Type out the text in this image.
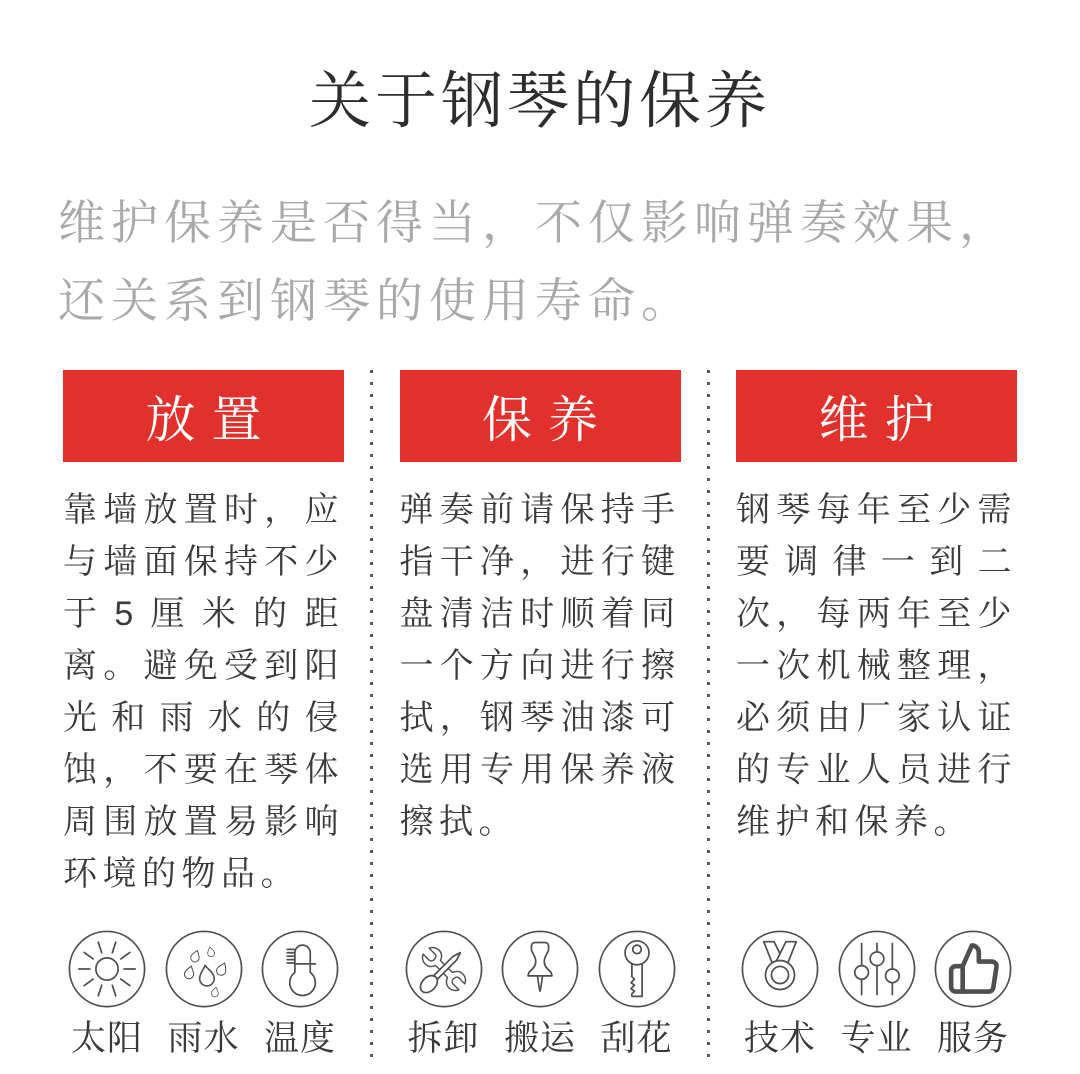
关于钢琴的保养
维护保养是否得当，不仅影响弹奏效果，还关系到钢琴的使用寿命。
放置
靠墙放置时，应与墙面保持不少于5厘米的距离。避免受到阳光和雨水的侵蚀，不要在琴体周围放置易影响环境的物品。
太阳 雨水 温度
保养
弹奏前请保持手指干净，进行键盘清洁时顺着同一个方向进行擦拭，钢琴油漆可选用专用保养液擦拭。
拆卸 搬运 刮花
维护
钢琴每年至少需要调律一到二次，每两年至少一次机械整理，必须由厂家认证的专业人员进行维护和保养。
技术 专业 服务
